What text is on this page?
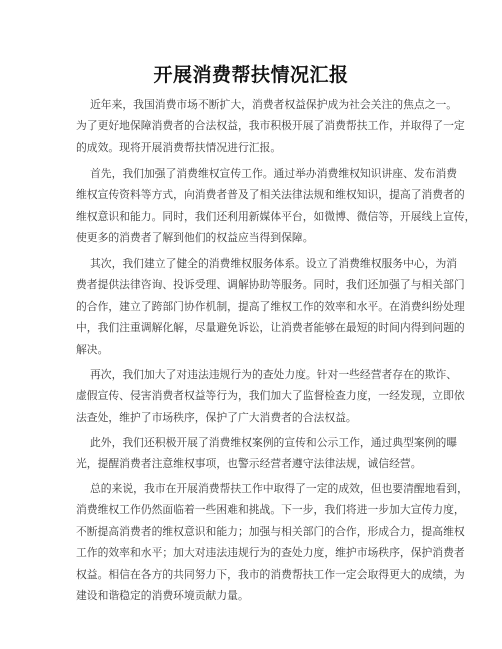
开展消费帮扶情况汇报

近年来，我国消费市场不断扩大，消费者权益保护成为社会关注的焦点之一。
为了更好地保障消费者的合法权益，我市积极开展了消费帮扶工作，并取得了一定
的成效。现将开展消费帮扶情况进行汇报。

首先，我们加强了消费维权宣传工作。通过举办消费维权知识讲座、发布消费
维权宣传资料等方式，向消费者普及了相关法律法规和维权知识，提高了消费者的
维权意识和能力。同时，我们还利用新媒体平台，如微博、微信等，开展线上宣传，
使更多的消费者了解到他们的权益应当得到保障。

其次，我们建立了健全的消费维权服务体系。设立了消费维权服务中心，为消
费者提供法律咨询、投诉受理、调解协助等服务。同时，我们还加强了与相关部门
的合作，建立了跨部门协作机制，提高了维权工作的效率和水平。在消费纠纷处理
中，我们注重调解化解，尽量避免诉讼，让消费者能够在最短的时间内得到问题的
解决。

再次，我们加大了对违法违规行为的查处力度。针对一些经营者存在的欺诈、
虚假宣传、侵害消费者权益等行为，我们加大了监督检查力度，一经发现，立即依
法查处，维护了市场秩序，保护了广大消费者的合法权益。

此外，我们还积极开展了消费维权案例的宣传和公示工作，通过典型案例的曝
光，提醒消费者注意维权事项，也警示经营者遵守法律法规，诚信经营。

总的来说，我市在开展消费帮扶工作中取得了一定的成效，但也要清醒地看到，
消费维权工作仍然面临着一些困难和挑战。下一步，我们将进一步加大宣传力度，
不断提高消费者的维权意识和能力；加强与相关部门的合作，形成合力，提高维权
工作的效率和水平；加大对违法违规行为的查处力度，维护市场秩序，保护消费者
权益。相信在各方的共同努力下，我市的消费帮扶工作一定会取得更大的成绩，为
建设和谐稳定的消费环境贡献力量。
